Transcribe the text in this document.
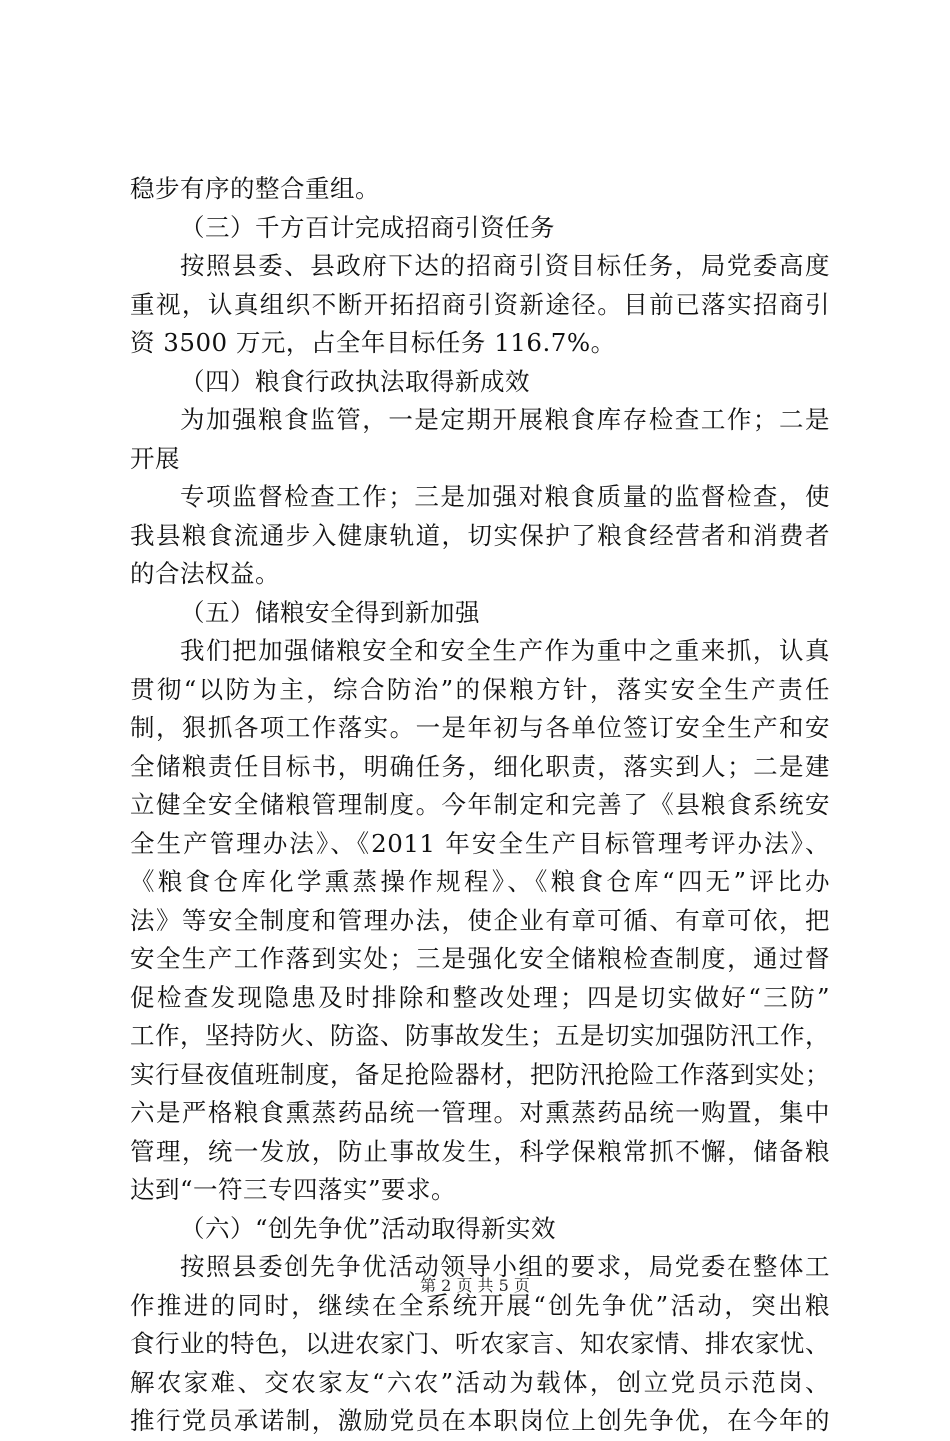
稳步有序的整合重组。
（三）千方百计完成招商引资任务
按照县委、县政府下达的招商引资目标任务，局党委高度
重视，认真组织不断开拓招商引资新途径。目前已落实招商引
资 3500 万元，占全年目标任务 116.7%。
（四）粮食行政执法取得新成效
为加强粮食监管，一是定期开展粮食库存检查工作；二是
开展
专项监督检查工作；三是加强对粮食质量的监督检查，使
我县粮食流通步入健康轨道，切实保护了粮食经营者和消费者
的合法权益。
（五）储粮安全得到新加强
我们把加强储粮安全和安全生产作为重中之重来抓，认真
贯彻“以防为主，综合防治”的保粮方针，落实安全生产责任
制，狠抓各项工作落实。一是年初与各单位签订安全生产和安
全储粮责任目标书，明确任务，细化职责，落实到人；二是建
立健全安全储粮管理制度。今年制定和完善了《县粮食系统安
全生产管理办法》、《2011 年安全生产目标管理考评办法》、
《粮食仓库化学熏蒸操作规程》、《粮食仓库“四无”评比办
法》等安全制度和管理办法，使企业有章可循、有章可依，把
安全生产工作落到实处；三是强化安全储粮检查制度，通过督
促检查发现隐患及时排除和整改处理；四是切实做好“三防”
工作，坚持防火、防盗、防事故发生；五是切实加强防汛工作，
实行昼夜值班制度，备足抢险器材，把防汛抢险工作落到实处；
六是严格粮食熏蒸药品统一管理。对熏蒸药品统一购置，集中
管理，统一发放，防止事故发生，科学保粮常抓不懈，储备粮
达到“一符三专四落实”要求。
（六）“创先争优”活动取得新实效
按照县委创先争优活动领导小组的要求，局党委在整体工
作推进的同时，继续在全系统开展“创先争优”活动，突出粮
食行业的特色，以进农家门、听农家言、知农家情、排农家忧、
解农家难、交农家友“六农”活动为载体，创立党员示范岗、
推行党员承诺制，激励党员在本职岗位上创先争优，在今年的
第 2 页 共 5 页
